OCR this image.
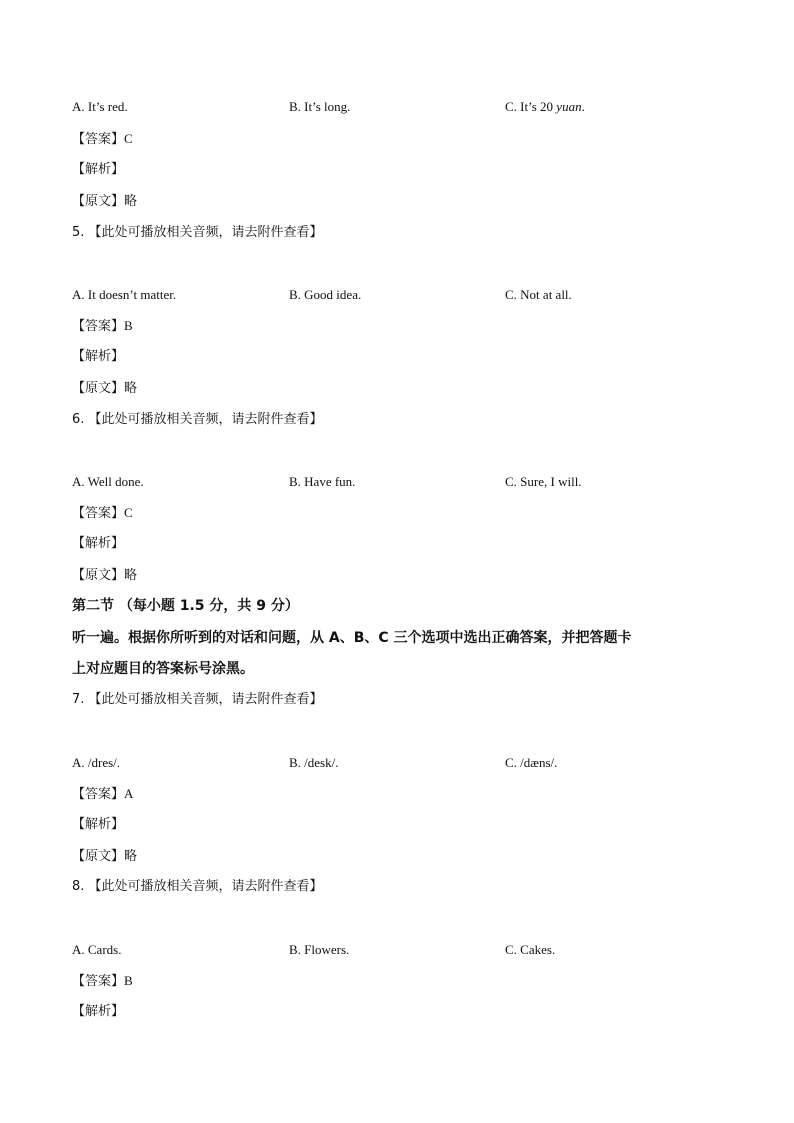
A. It’s red.	B. It’s long.	C. It’s 20 yuan.
【答案】C
【解析】
【原文】略
5. 【此处可播放相关音频，请去附件查看】
A. It doesn’t matter.	B. Good idea.	C. Not at all.
【答案】B
【解析】
【原文】略
6. 【此处可播放相关音频，请去附件查看】
A. Well done.	B. Have fun.	C. Sure, I will.
【答案】C
【解析】
【原文】略
第二节 （每小题 1.5 分，共 9 分）
听一遍。根据你所听到的对话和问题，从 A、B、C 三个选项中选出正确答案，并把答题卡
上对应题目的答案标号涂黑。
7. 【此处可播放相关音频，请去附件查看】
A. /dres/.	B. /desk/.	C. /dæns/.
【答案】A
【解析】
【原文】略
8. 【此处可播放相关音频，请去附件查看】
A. Cards.	B. Flowers.	C. Cakes.
【答案】B
【解析】
